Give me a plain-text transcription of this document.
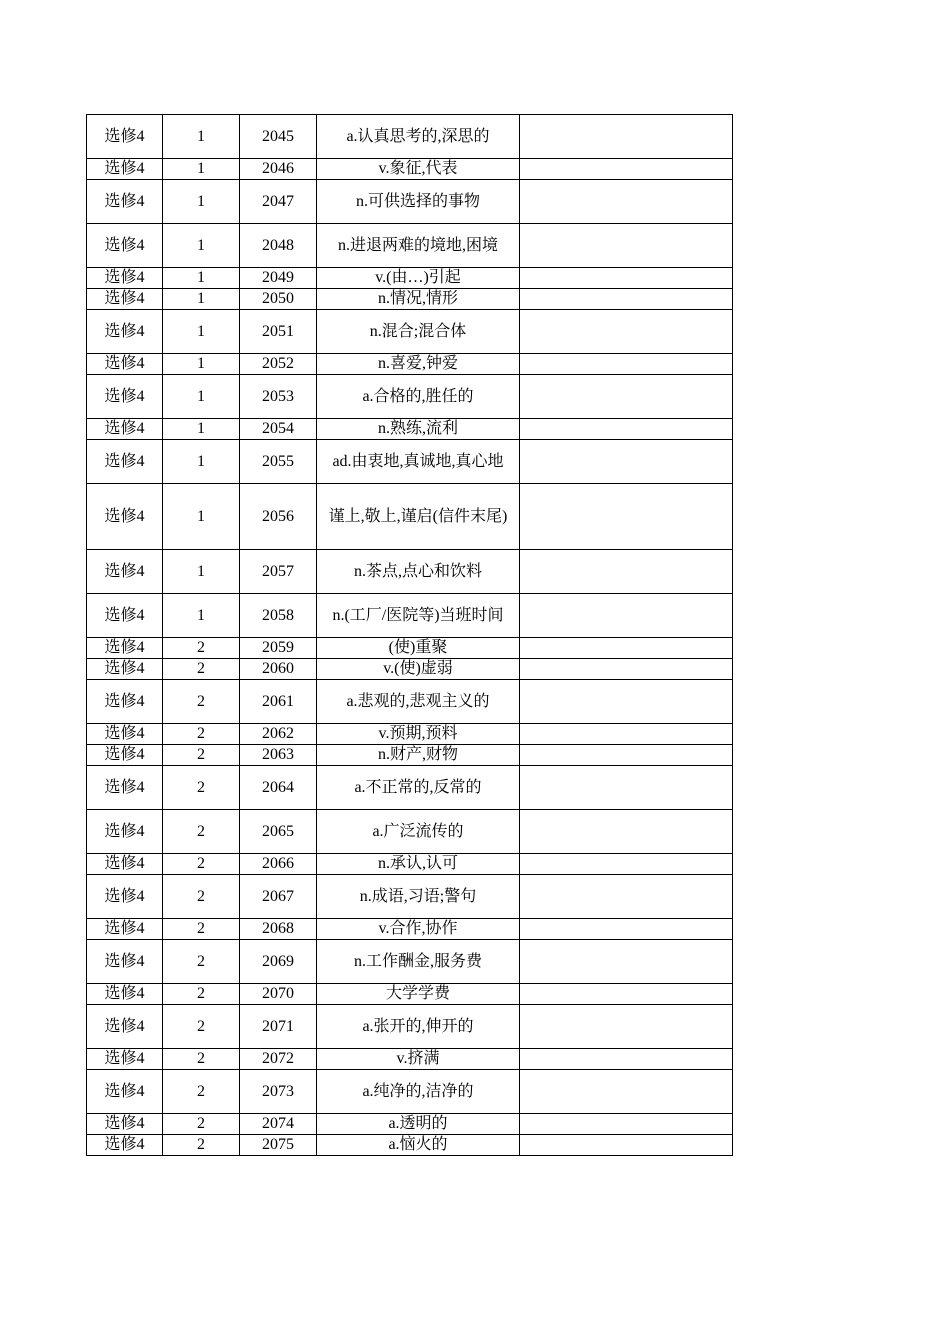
选修4	1	2045	a.认真思考的,深思的	
选修4	1	2046	v.象征,代表	
选修4	1	2047	n.可供选择的事物	
选修4	1	2048	n.进退两难的境地,困境	
选修4	1	2049	v.(由…)引起	
选修4	1	2050	n.情况,情形	
选修4	1	2051	n.混合;混合体	
选修4	1	2052	n.喜爱,钟爱	
选修4	1	2053	a.合格的,胜任的	
选修4	1	2054	n.熟练,流利	
选修4	1	2055	ad.由衷地,真诚地,真心地	
选修4	1	2056	谨上,敬上,谨启(信件末尾)	
选修4	1	2057	n.茶点,点心和饮料	
选修4	1	2058	n.(工厂/医院等)当班时间	
选修4	2	2059	(使)重聚	
选修4	2	2060	v.(使)虚弱	
选修4	2	2061	a.悲观的,悲观主义的	
选修4	2	2062	v.预期,预料	
选修4	2	2063	n.财产,财物	
选修4	2	2064	a.不正常的,反常的	
选修4	2	2065	a.广泛流传的	
选修4	2	2066	n.承认,认可	
选修4	2	2067	n.成语,习语;警句	
选修4	2	2068	v.合作,协作	
选修4	2	2069	n.工作酬金,服务费	
选修4	2	2070	大学学费	
选修4	2	2071	a.张开的,伸开的	
选修4	2	2072	v.挤满	
选修4	2	2073	a.纯净的,洁净的	
选修4	2	2074	a.透明的	
选修4	2	2075	a.恼火的	
